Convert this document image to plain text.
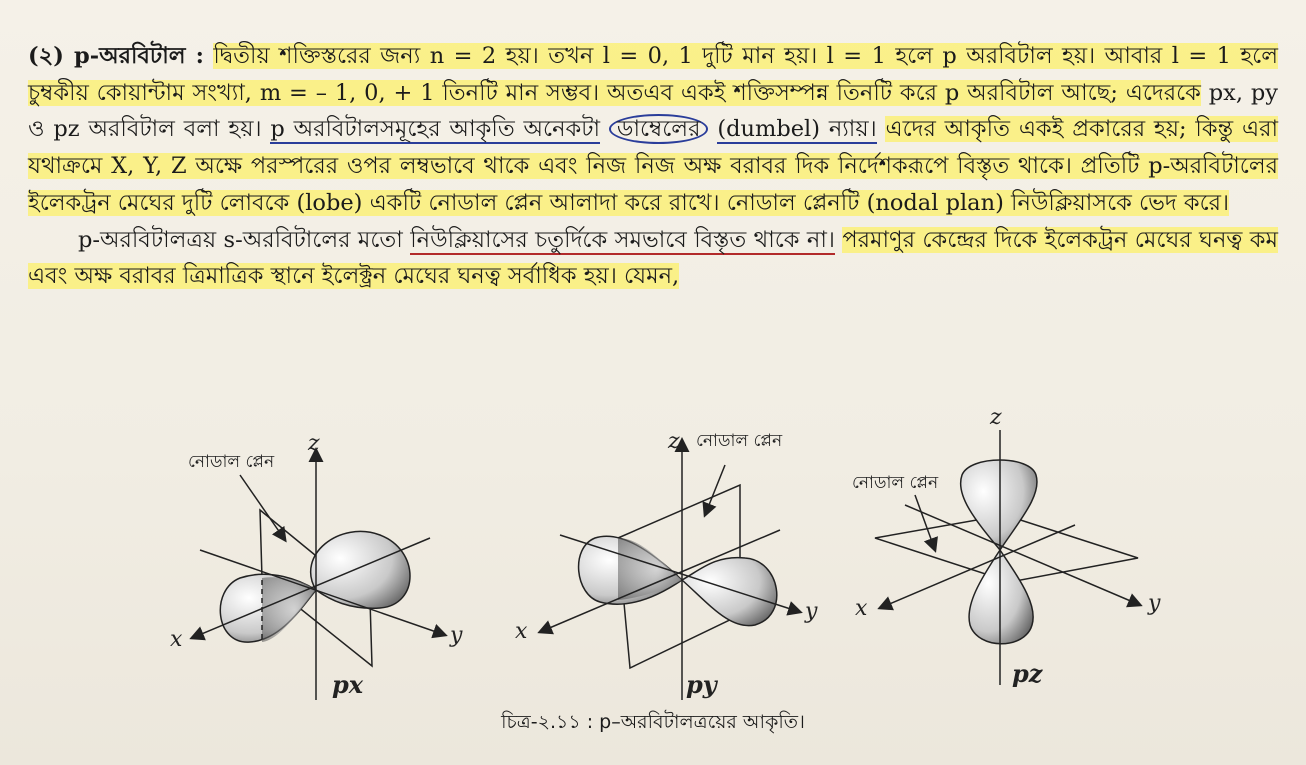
(২) p-অরবিটাল : দ্বিতীয় শক্তিস্তরের জন্য n = 2 হয়। তখন l = 0, 1 দুটি মান হয়। l = 1 হলে p অরবিটাল হয়। আবার l = 1 হলে চুম্বকীয় কোয়ান্টাম সংখ্যা, m = – 1, 0, + 1 তিনটি মান সম্ভব। অতএব একই শক্তিসম্পন্ন তিনটি করে p অরবিটাল আছে; এদেরকে px, py ও pz অরবিটাল বলা হয়। p অরবিটালসমূহের আকৃতি অনেকটা ডাম্বেলের (dumbel) ন্যায়। এদের আকৃতি একই প্রকারের হয়; কিন্তু এরা যথাক্রমে X, Y, Z অক্ষে পরস্পরের ওপর লম্বভাবে থাকে এবং নিজ নিজ অক্ষ বরাবর দিক নির্দেশকরূপে বিস্তৃত থাকে। প্রতিটি p-অরবিটালের ইলেকট্রন মেঘের দুটি লোবকে (lobe) একটি নোডাল প্লেন আলাদা করে রাখে। নোডাল প্লেনটি (nodal plan) নিউক্লিয়াসকে ভেদ করে।

p-অরবিটালত্রয় s-অরবিটালের মতো নিউক্লিয়াসের চতুর্দিকে সমভাবে বিস্তৃত থাকে না। পরমাণুর কেন্দ্রের দিকে ইলেকট্রন মেঘের ঘনত্ব কম এবং অক্ষ বরাবর ত্রিমাত্রিক স্থানে ইলেক্ট্রন মেঘের ঘনত্ব সর্বাধিক হয়। যেমন,

নোডাল প্লেন
z
y
x
px
z নোডাল প্লেন
y
x
py
z
নোডাল প্লেন
y
x
pz
চিত্র-২.১১ : p–অরবিটালত্রয়ের আকৃতি।
